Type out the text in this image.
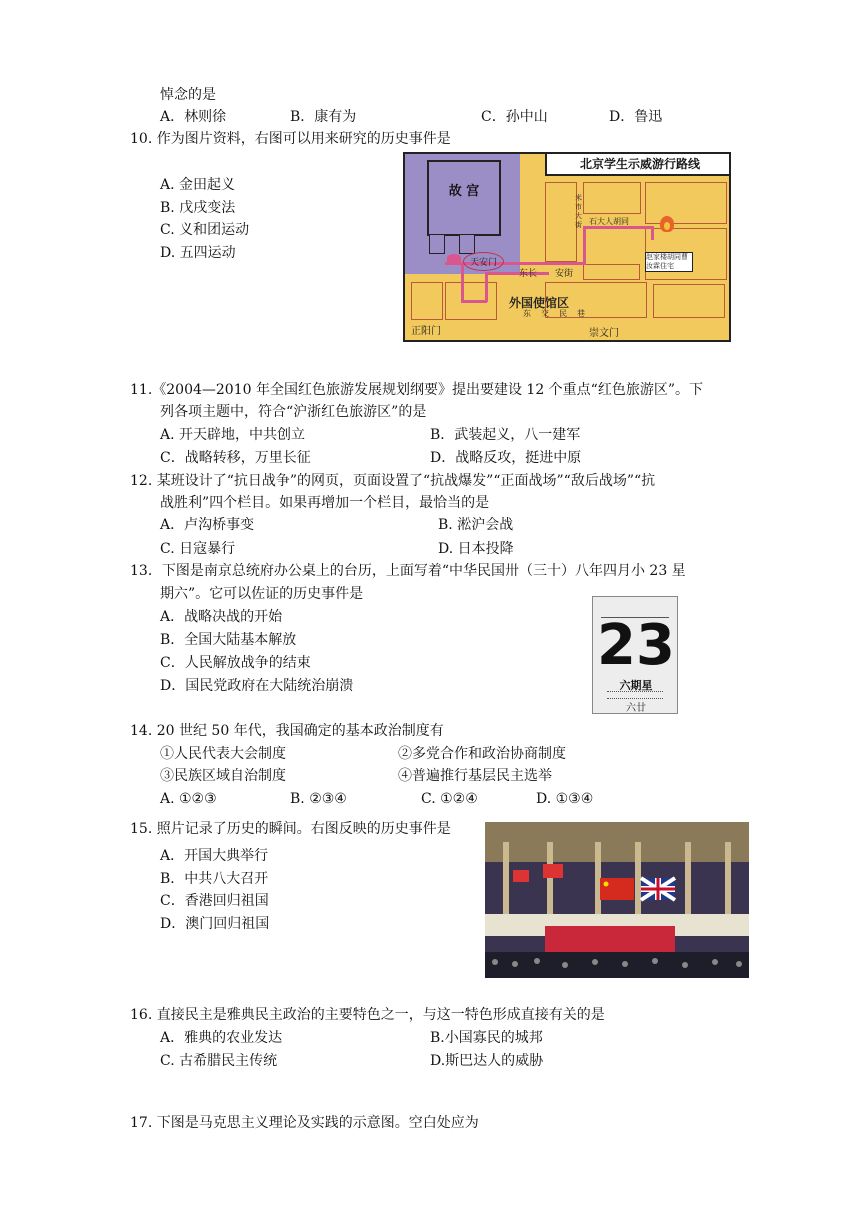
悼念的是
A．林则徐	B．康有为	C．孙中山	D．鲁迅
10. 作为图片资料，右图可以用来研究的历史事件是
A. 金田起义
B. 戊戌变法
C. 义和团运动
D. 五四运动
故 宫
北京学生示威游行路线
天安门
东长 安街
外国使馆区
正阳门	崇文门
石大人胡同
赵家楼胡同曹汝霖住宅
米市大街
东交民巷
11.《2004—2010 年全国红色旅游发展规划纲要》提出要建设 12 个重点“红色旅游区”。下
列各项主题中，符合“沪浙红色旅游区”的是
A. 开天辟地，中共创立	B．武装起义，八一建军
C．战略转移，万里长征	D．战略反攻，挺进中原
12. 某班设计了“抗日战争”的网页，页面设置了“抗战爆发”“正面战场”“敌后战场”“抗
战胜利”四个栏目。如果再增加一个栏目，最恰当的是
A．卢沟桥事变	B. 淞沪会战
C. 日寇暴行	D. 日本投降
13．下图是南京总统府办公桌上的台历，上面写着“中华民国卅（三十）八年四月小 23 星
期六”。它可以佐证的历史事件是
A．战略决战的开始
B．全国大陆基本解放
C．人民解放战争的结束
D．国民党政府在大陆统治崩溃
23
六期星
六廿
14. 20 世纪 50 年代，我国确定的基本政治制度有
①人民代表大会制度	②多党合作和政治协商制度
③民族区域自治制度	④普遍推行基层民主选举
A. ①②③	B. ②③④	C. ①②④	D. ①③④
15. 照片记录了历史的瞬间。右图反映的历史事件是
A．开国大典举行
B．中共八大召开
C．香港回归祖国
D．澳门回归祖国
16. 直接民主是雅典民主政治的主要特色之一，与这一特色形成直接有关的是
A．雅典的农业发达	B.小国寡民的城邦
C. 古希腊民主传统	D.斯巴达人的威胁
17. 下图是马克思主义理论及实践的示意图。空白处应为
